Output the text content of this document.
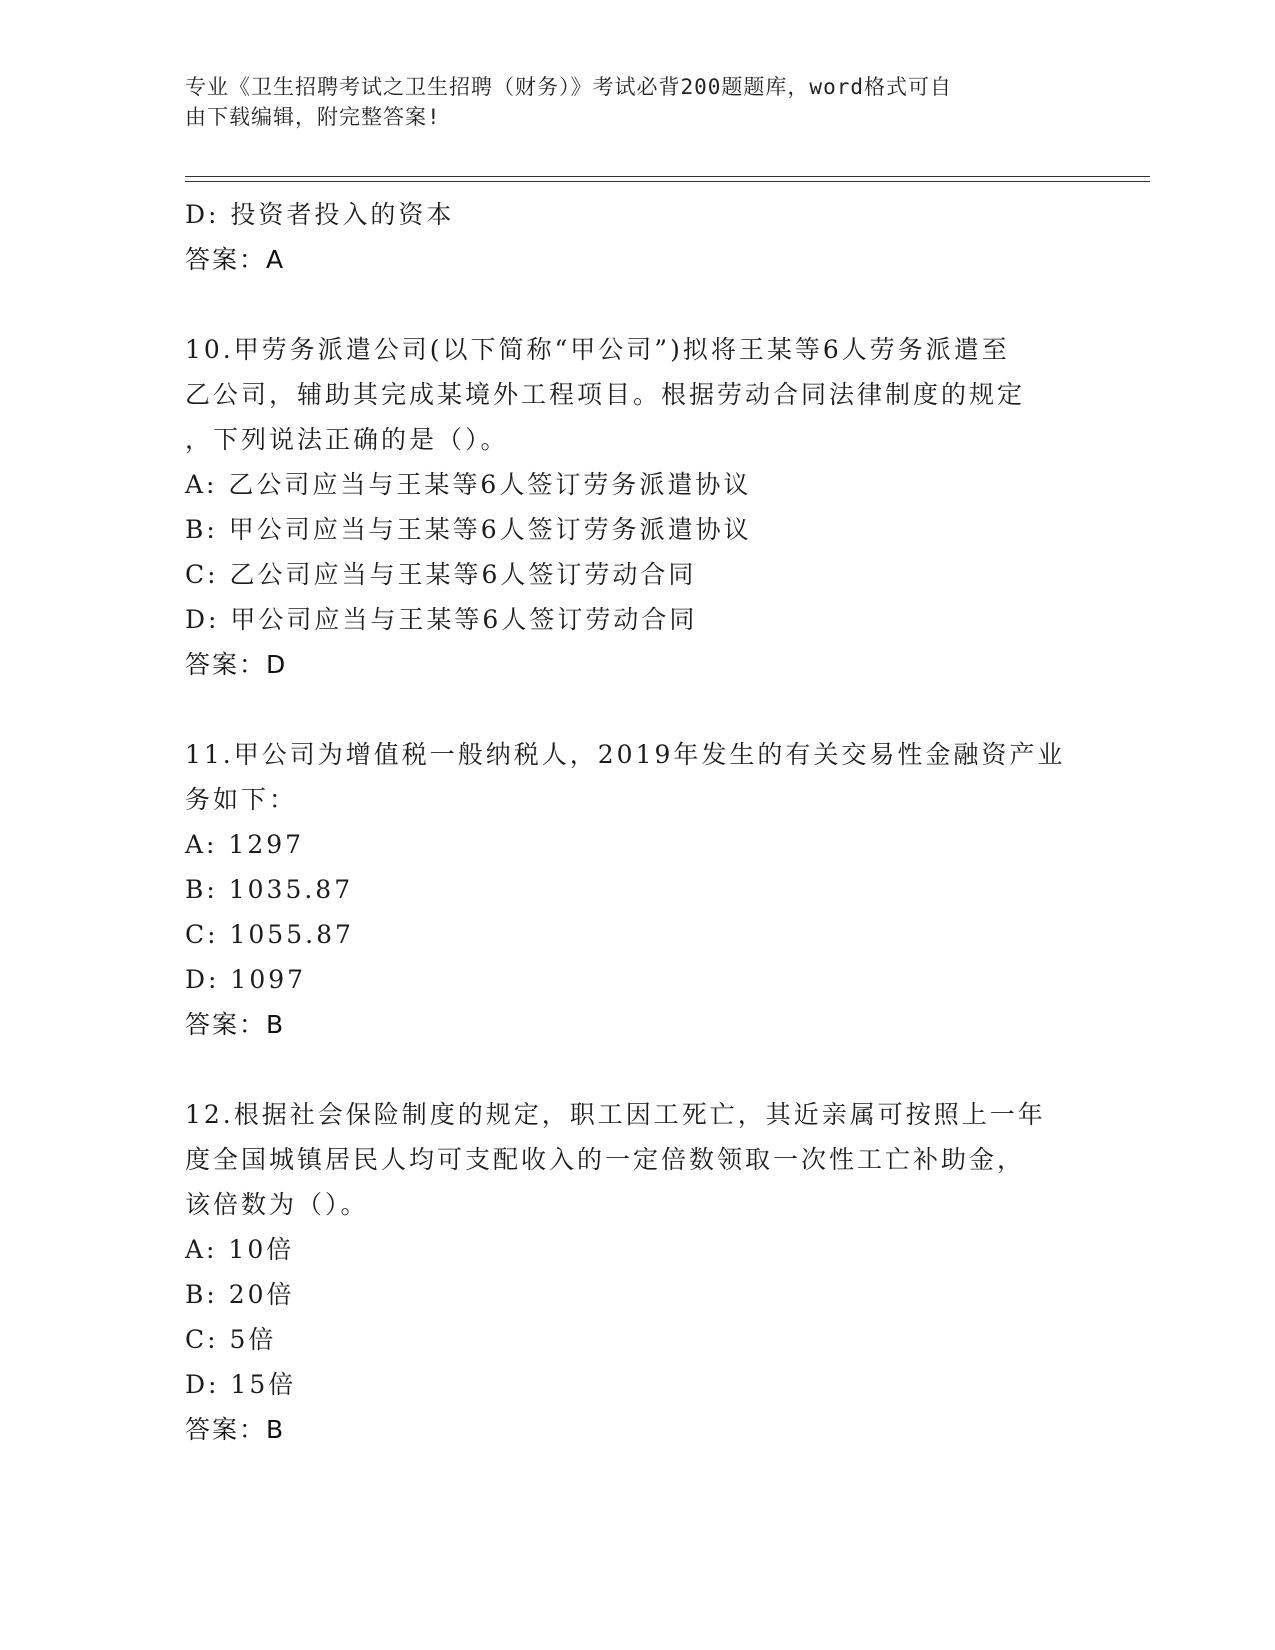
专业《卫生招聘考试之卫生招聘（财务）》考试必背200题题库，word格式可自
由下载编辑，附完整答案!
D: 投资者投入的资本
答案：A
10.甲劳务派遣公司(以下简称“甲公司”)拟将王某等6人劳务派遣至
乙公司，辅助其完成某境外工程项目。根据劳动合同法律制度的规定
，下列说法正确的是（）。
A: 乙公司应当与王某等6人签订劳务派遣协议
B: 甲公司应当与王某等6人签订劳务派遣协议
C: 乙公司应当与王某等6人签订劳动合同
D: 甲公司应当与王某等6人签订劳动合同
答案：D
11.甲公司为增值税一般纳税人，2019年发生的有关交易性金融资产业
务如下：
A: 1297
B: 1035.87
C: 1055.87
D: 1097
答案：B
12.根据社会保险制度的规定，职工因工死亡，其近亲属可按照上一年
度全国城镇居民人均可支配收入的一定倍数领取一次性工亡补助金，
该倍数为（）。
A: 10倍
B: 20倍
C: 5倍
D: 15倍
答案：B
